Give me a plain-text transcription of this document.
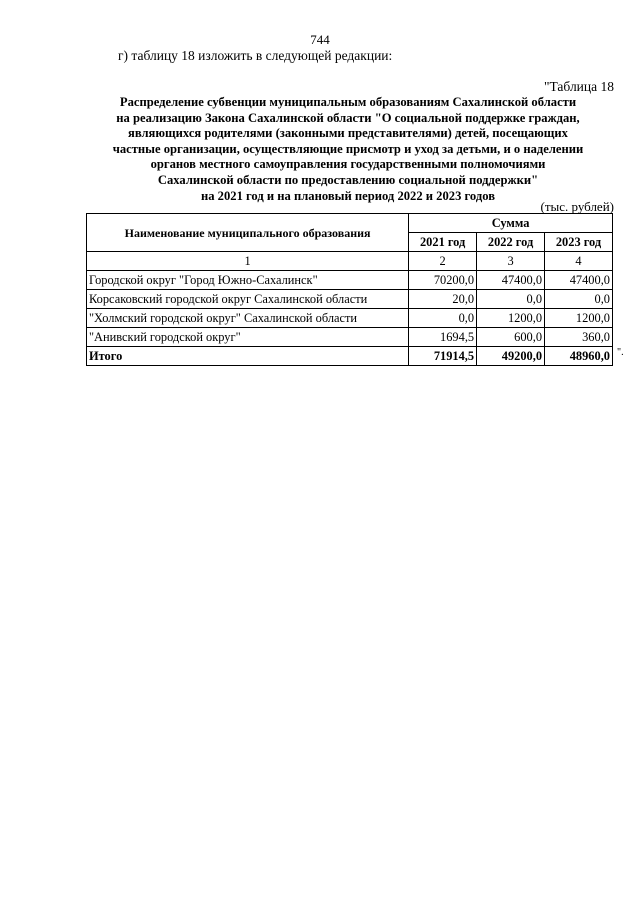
744
г) таблицу 18 изложить в следующей редакции:
"Таблица 18
Распределение субвенции муниципальным образованиям Сахалинской области
на реализацию Закона Сахалинской области "О социальной поддержке граждан,
являющихся родителями (законными представителями) детей, посещающих
частные организации, осуществляющие присмотр и уход за детьми, и о наделении
органов местного самоуправления государственными полномочиями
Сахалинской области по предоставлению социальной поддержки"
на 2021 год и на плановый период 2022 и 2023 годов
(тыс. рублей)
Наименование муниципального образования	Сумма		
	2021 год	2022 год	2023 год
1	2	3	4
Городской округ "Город Южно-Сахалинск"	70200,0	47400,0	47400,0
Корсаковский городской округ Сахалинской области	20,0	0,0	0,0
"Холмский городской округ" Сахалинской области	0,0	1200,0	1200,0
"Анивский городской округ"	1694,5	600,0	360,0
Итого	71914,5	49200,0	48960,0 ".
